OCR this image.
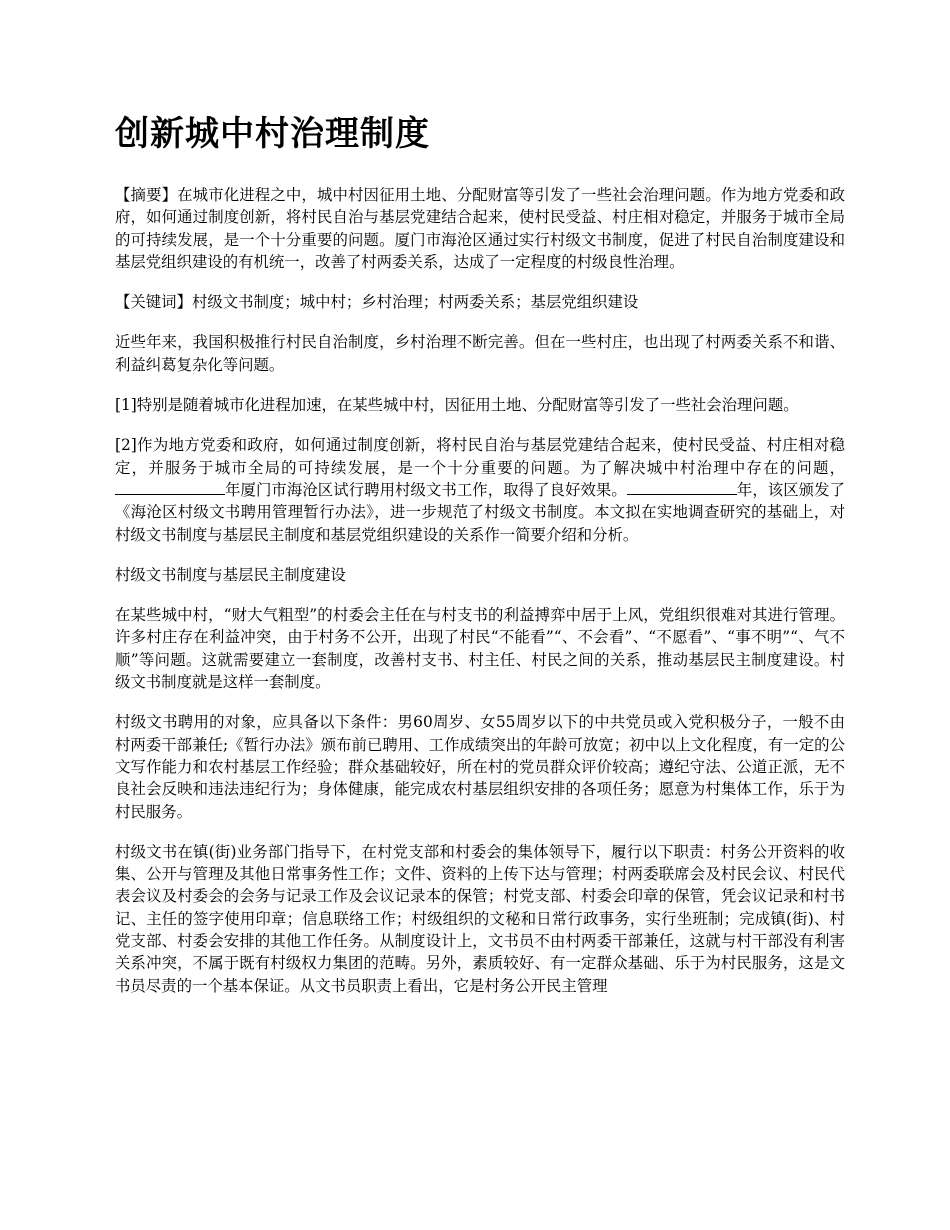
创新城中村治理制度

【摘要】在城市化进程之中，城中村因征用土地、分配财富等引发了一些社会治理问题。作为地方党委和政府，如何通过制度创新，将村民自治与基层党建结合起来，使村民受益、村庄相对稳定，并服务于城市全局的可持续发展，是一个十分重要的问题。厦门市海沧区通过实行村级文书制度，促进了村民自治制度建设和基层党组织建设的有机统一，改善了村两委关系，达成了一定程度的村级良性治理。

【关键词】村级文书制度；城中村；乡村治理；村两委关系；基层党组织建设

近些年来，我国积极推行村民自治制度，乡村治理不断完善。但在一些村庄，也出现了村两委关系不和谐、利益纠葛复杂化等问题。

[1]特别是随着城市化进程加速，在某些城中村，因征用土地、分配财富等引发了一些社会治理问题。

[2]作为地方党委和政府，如何通过制度创新，将村民自治与基层党建结合起来，使村民受益、村庄相对稳定，并服务于城市全局的可持续发展，是一个十分重要的问题。为了解决城中村治理中存在的问题，年厦门市海沧区试行聘用村级文书工作，取得了良好效果。	年，该区颁发了《海沧区村级文书聘用管理暂行办法》，进一步规范了村级文书制度。本文拟在实地调查研究的基础上，对村级文书制度与基层民主制度和基层党组织建设的关系作一简要介绍和分析。

村级文书制度与基层民主制度建设

在某些城中村，“财大气粗型”的村委会主任在与村支书的利益搏弈中居于上风，党组织很难对其进行管理。许多村庄存在利益冲突，由于村务不公开，出现了村民“不能看”“、不会看”、“不愿看”、“事不明”“、气不顺”等问题。这就需要建立一套制度，改善村支书、村主任、村民之间的关系，推动基层民主制度建设。村级文书制度就是这样一套制度。

村级文书聘用的对象，应具备以下条件：男60周岁、女55周岁以下的中共党员或入党积极分子，一般不由村两委干部兼任;《暂行办法》颁布前已聘用、工作成绩突出的年龄可放宽；初中以上文化程度，有一定的公文写作能力和农村基层工作经验；群众基础较好，所在村的党员群众评价较高；遵纪守法、公道正派，无不良社会反映和违法违纪行为；身体健康，能完成农村基层组织安排的各项任务；愿意为村集体工作，乐于为村民服务。

村级文书在镇(街)业务部门指导下，在村党支部和村委会的集体领导下，履行以下职责：村务公开资料的收集、公开与管理及其他日常事务性工作；文件、资料的上传下达与管理；村两委联席会及村民会议、村民代表会议及村委会的会务与记录工作及会议记录本的保管；村党支部、村委会印章的保管，凭会议记录和村书记、主任的签字使用印章；信息联络工作；村级组织的文秘和日常行政事务，实行坐班制；完成镇(街)、村党支部、村委会安排的其他工作任务。从制度设计上，文书员不由村两委干部兼任，这就与村干部没有利害关系冲突，不属于既有村级权力集团的范畴。另外，素质较好、有一定群众基础、乐于为村民服务，这是文书员尽责的一个基本保证。从文书员职责上看出，它是村务公开民主管理
